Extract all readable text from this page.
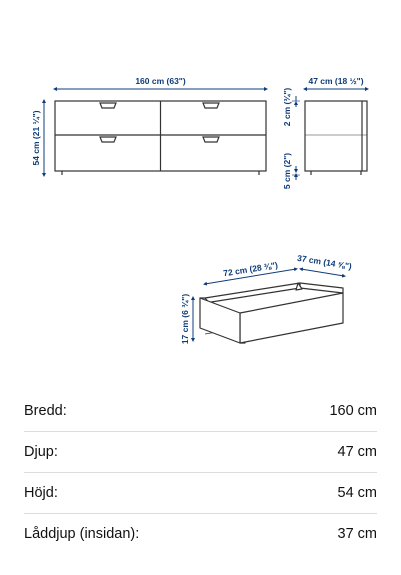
160 cm (63")
54 cm (21 ¼")
47 cm (18 ½")
2 cm (¾")
5 cm (2")
72 cm (28 ⅜") 37 cm (14 ⅝")
17 cm (6 ¾")
Bredd:	160 cm
Djup:	47 cm
Höjd:	54 cm
Låddjup (insidan):	37 cm
